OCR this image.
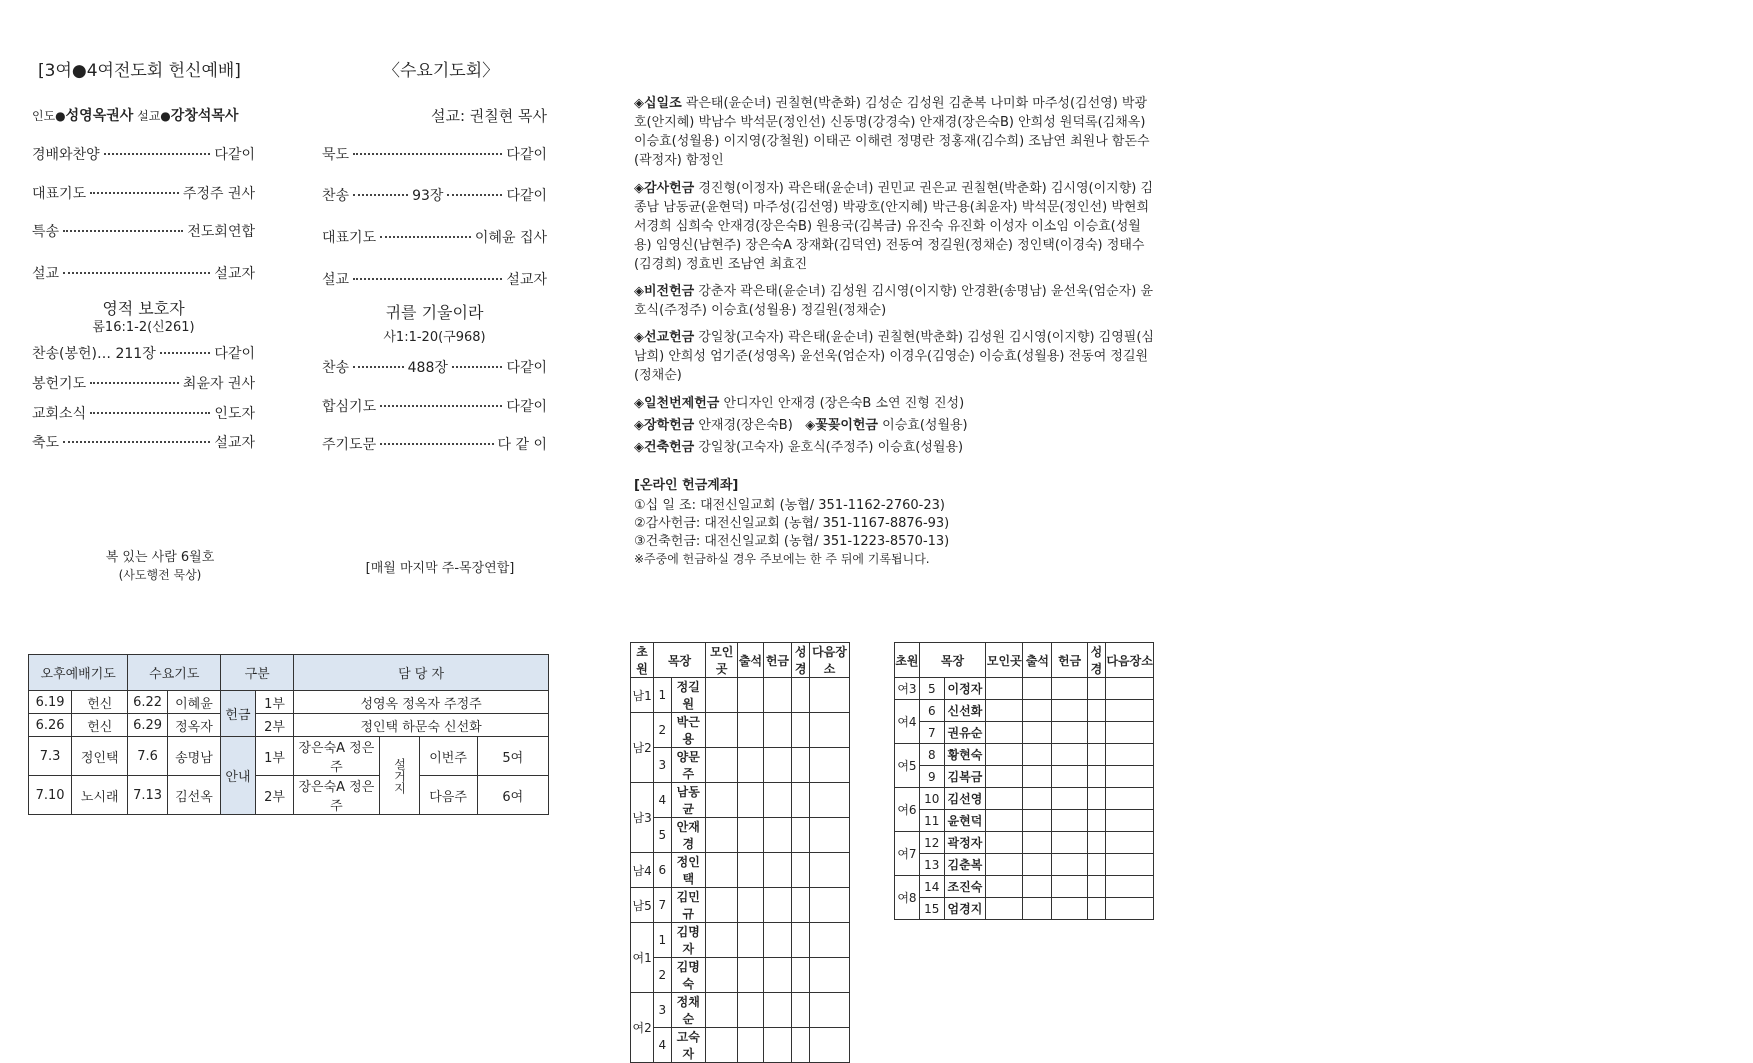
[3여●4여전도회 헌신예배]
인도●성영옥권사 설교●강창석목사
경배와찬양	다같이
대표기도	주정주 권사
특송	전도회연합
설교	설교자
영적 보호자
롬16:1-2(신261)
찬송(봉헌)… 211장	다같이
봉헌기도	최윤자 권사
교회소식	인도자
축도	설교자
복 있는 사람 6월호
(사도행전 묵상)
〈수요기도회〉
설교: 권칠현 목사
묵도	다같이
찬송	93장	다같이
대표기도	이혜윤 집사
설교	설교자
귀를 기울이라
사1:1-20(구968)
찬송	488장	다같이
합심기도	다같이
주기도문	다 같 이
[매월 마지막 주-목장연합]
◈십일조 곽은태(윤순녀) 권칠현(박춘화) 김성순 김성원 김춘복 나미화 마주성(김선영) 박광호(안지혜) 박남수 박석문(정인선) 신동명(강경숙) 안재경(장은숙B) 안희성 원덕록(김채옥) 이승효(성월용) 이지영(강철원) 이태곤 이해련 정명란 정홍재(김수희) 조남연 최원나 함돈수(곽정자) 함정인
◈감사헌금 경진형(이정자) 곽은태(윤순녀) 권민교 권은교 권칠현(박춘화) 김시영(이지향) 김종남 남동균(윤현덕) 마주성(김선영) 박광호(안지혜) 박근용(최윤자) 박석문(정인선) 박현희 서경희 심희숙 안재경(장은숙B) 원용국(김복금) 유진숙 유진화 이성자 이소임 이승효(성월용) 임영신(남현주) 장은숙A 장재화(김덕연) 전동여 정길원(정채순) 정인택(이경숙) 정태수(김경희) 정효빈 조남연 최효진
◈비전헌금 강춘자 곽은태(윤순녀) 김성원 김시영(이지향) 안경환(송명남) 윤선욱(엄순자) 윤호식(주정주) 이승효(성월용) 정길원(정채순)
◈선교헌금 강일창(고숙자) 곽은태(윤순녀) 권칠현(박춘화) 김성원 김시영(이지향) 김영필(심남희) 안희성 엄기준(성영옥) 윤선욱(엄순자) 이경우(김영순) 이승효(성월용) 전동여 정길원(정채순)
◈일천번제헌금 안디자인 안재경 (장은숙B 소연 진형 진성)
◈장학헌금 안재경(장은숙B) ◈꽃꽂이헌금 이승효(성월용)
◈건축헌금 강일창(고숙자) 윤호식(주정주) 이승효(성월용)
[온라인 헌금계좌]
①십 일 조: 대전신일교회 (농협/ 351-1162-2760-23)
②감사헌금: 대전신일교회 (농협/ 351-1167-8876-93)
③건축헌금: 대전신일교회 (농협/ 351-1223-8570-13)
※주중에 헌금하실 경우 주보에는 한 주 뒤에 기록됩니다.
오후예배기도		수요기도		구분		담 당 자			
6.19	헌신	6.22	이혜윤	헌금	1부	성영옥 정옥자 주정주			
6.26	헌신	6.29	정옥자		2부	정인택 하문숙 신선화			
7.3	정인택	7.6	송명남	안내	1부	장은숙A 정은주	설거지	이번주	5여
7.10	노시래	7.13	김선옥		2부	장은숙A 정은주		다음주	6여
초원	목장		모인곳	출석	헌금	성경	다음장소
남1	1	정길원					
남2	2	박근용					
	3	양문주					
남3	4	남동균					
	5	안재경					
남4	6	정인택					
남5	7	김민규					
여1	1	김명자					
	2	김명숙					
여2	3	정채순					
	4	고숙자					
초원	목장		모인곳	출석	헌금	성경	다음장소
여3	5	이정자					
여4	6	신선화					
	7	권유순					
여5	8	황현숙					
	9	김복금					
여6	10	김선영					
	11	윤현덕					
여7	12	곽정자					
	13	김춘복					
여8	14	조진숙					
	15	엄경지					
